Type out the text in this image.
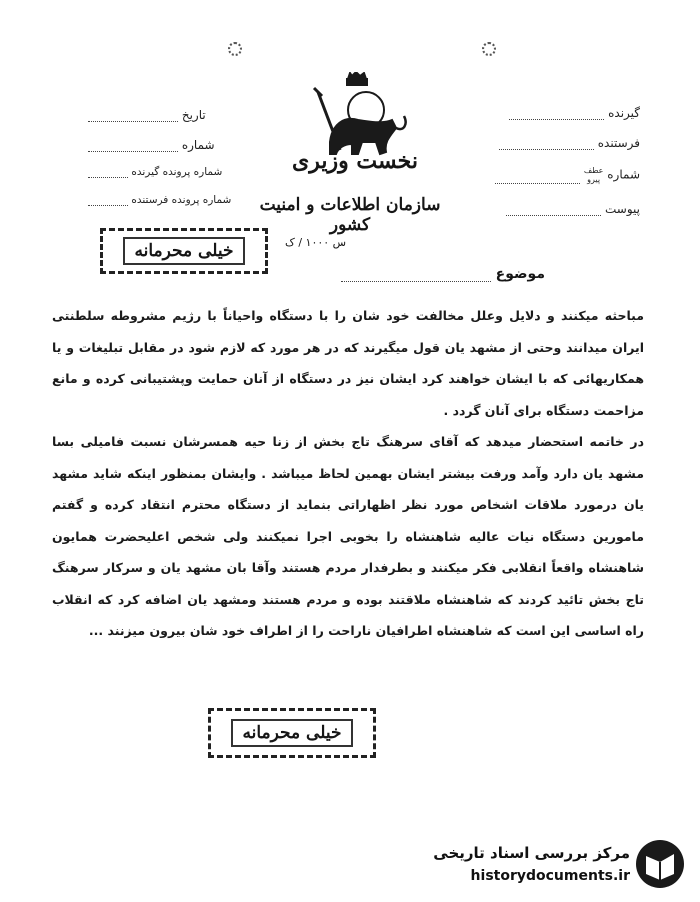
گیرنده
فرستنده
شماره عطف
پیرو
پیوست
تاریخ
شماره
شماره پرونده گیرنده
شماره پرونده فرستنده
نخست وزیری
سازمان اطلاعات و امنیت کشور
س ۱۰۰۰ / ک
خیلی محرمانه
موضوع

مباحثه میکنند و دلایل وعلل مخالفت خود شان را با دستگاه واحیاناً با رژیم مشروطه سلطنتی ایران میدانند وحتی از مشهد یان قول میگیرند که در هر مورد که لازم شود در مقابل تبلیغات و یا همکاریهائی که با ایشان خواهند کرد ایشان نیز در دستگاه از آنان حمایت وپشتیبانی کرده و مانع مزاحمت دستگاه برای آنان گردد .

در خاتمه استحضار میدهد که آقای سرهنگ تاج بخش از زنا حیه همسرشان نسبت فامیلی بسا مشهد یان دارد وآمد ورفت بیشتر ایشان بهمین لحاظ میباشد . وایشان بمنظور اینکه شاید مشهد یان درمورد ملاقات اشخاص مورد نظر اظهاراتی بنماید از دستگاه محترم انتقاد کرده و گفتم مامورین دستگاه نیات عالیه شاهنشاه را بخوبی اجرا نمیکنند ولی شخص اعلیحضرت همایون شاهنشاه واقعاً انقلابی فکر میکنند و بطرفدار مردم هستند وآقا بان مشهد یان و سرکار سرهنگ تاج بخش تائید کردند که شاهنشاه ملاقتند بوده و مردم هستند ومشهد یان اضافه کرد که انقلاب راه اساسی این است که شاهنشاه اطرافیان ناراحت را از اطراف خود شان بیرون میزنند ...

خیلی محرمانه
مرکز بررسی اسناد تاریخی
historydocuments.ir
